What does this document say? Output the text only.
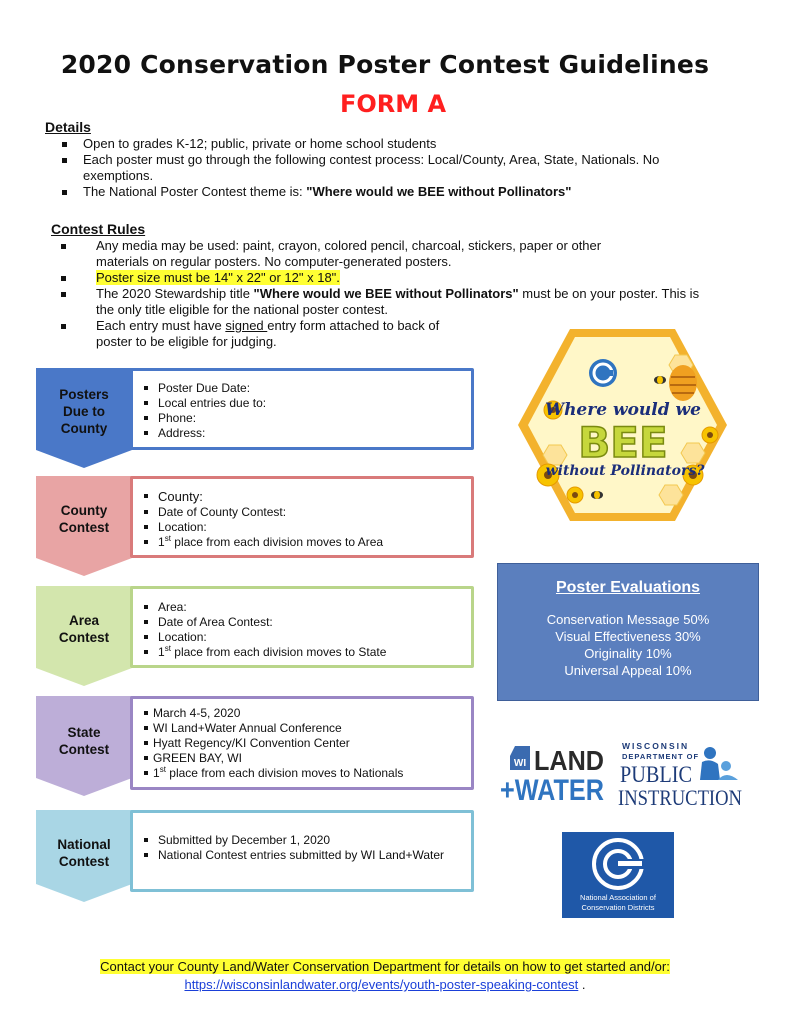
2020 Conservation Poster Contest Guidelines
FORM A
Details
Open to grades K-12; public, private or home school students
Each poster must go through the following contest process: Local/County, Area, State, Nationals. No exemptions.
The National Poster Contest theme is: "Where would we BEE without Pollinators"
Contest Rules
Any media may be used: paint, crayon, colored pencil, charcoal, stickers, paper or other materials on regular posters. No computer-generated posters.
Poster size must be 14" x 22" or 12" x 18".
The 2020 Stewardship title "Where would we BEE without Pollinators" must be on your poster. This is the only title eligible for the national poster contest.
Each entry must have signed entry form attached to back of poster to be eligible for judging.
Posters
Due to
County
Poster Due Date:
Local entries due to:
Phone:
Address:
County
Contest
County:
Date of County Contest:
Location:
1st place from each division moves to Area
Area
Contest
Area:
Date of Area Contest:
Location:
1st place from each division moves to State
State
Contest
March 4-5, 2020
WI Land+Water Annual Conference
Hyatt Regency/KI Convention Center
GREEN BAY, WI
1st place from each division moves to Nationals
National
Contest
Submitted by December 1, 2020
National Contest entries submitted by WI Land+Water
Where would we
BEE
without Pollinators?
Poster Evaluations
Conservation Message 50%
Visual Effectiveness 30%
Originality 10%
Universal Appeal 10%
WI LAND
+WATER
WISCONSIN
DEPARTMENT OF
PUBLIC
INSTRUCTION
National Association of
Conservation Districts
Contact your County Land/Water Conservation Department for details on how to get started and/or:
https://wisconsinlandwater.org/events/youth-poster-speaking-contest .
